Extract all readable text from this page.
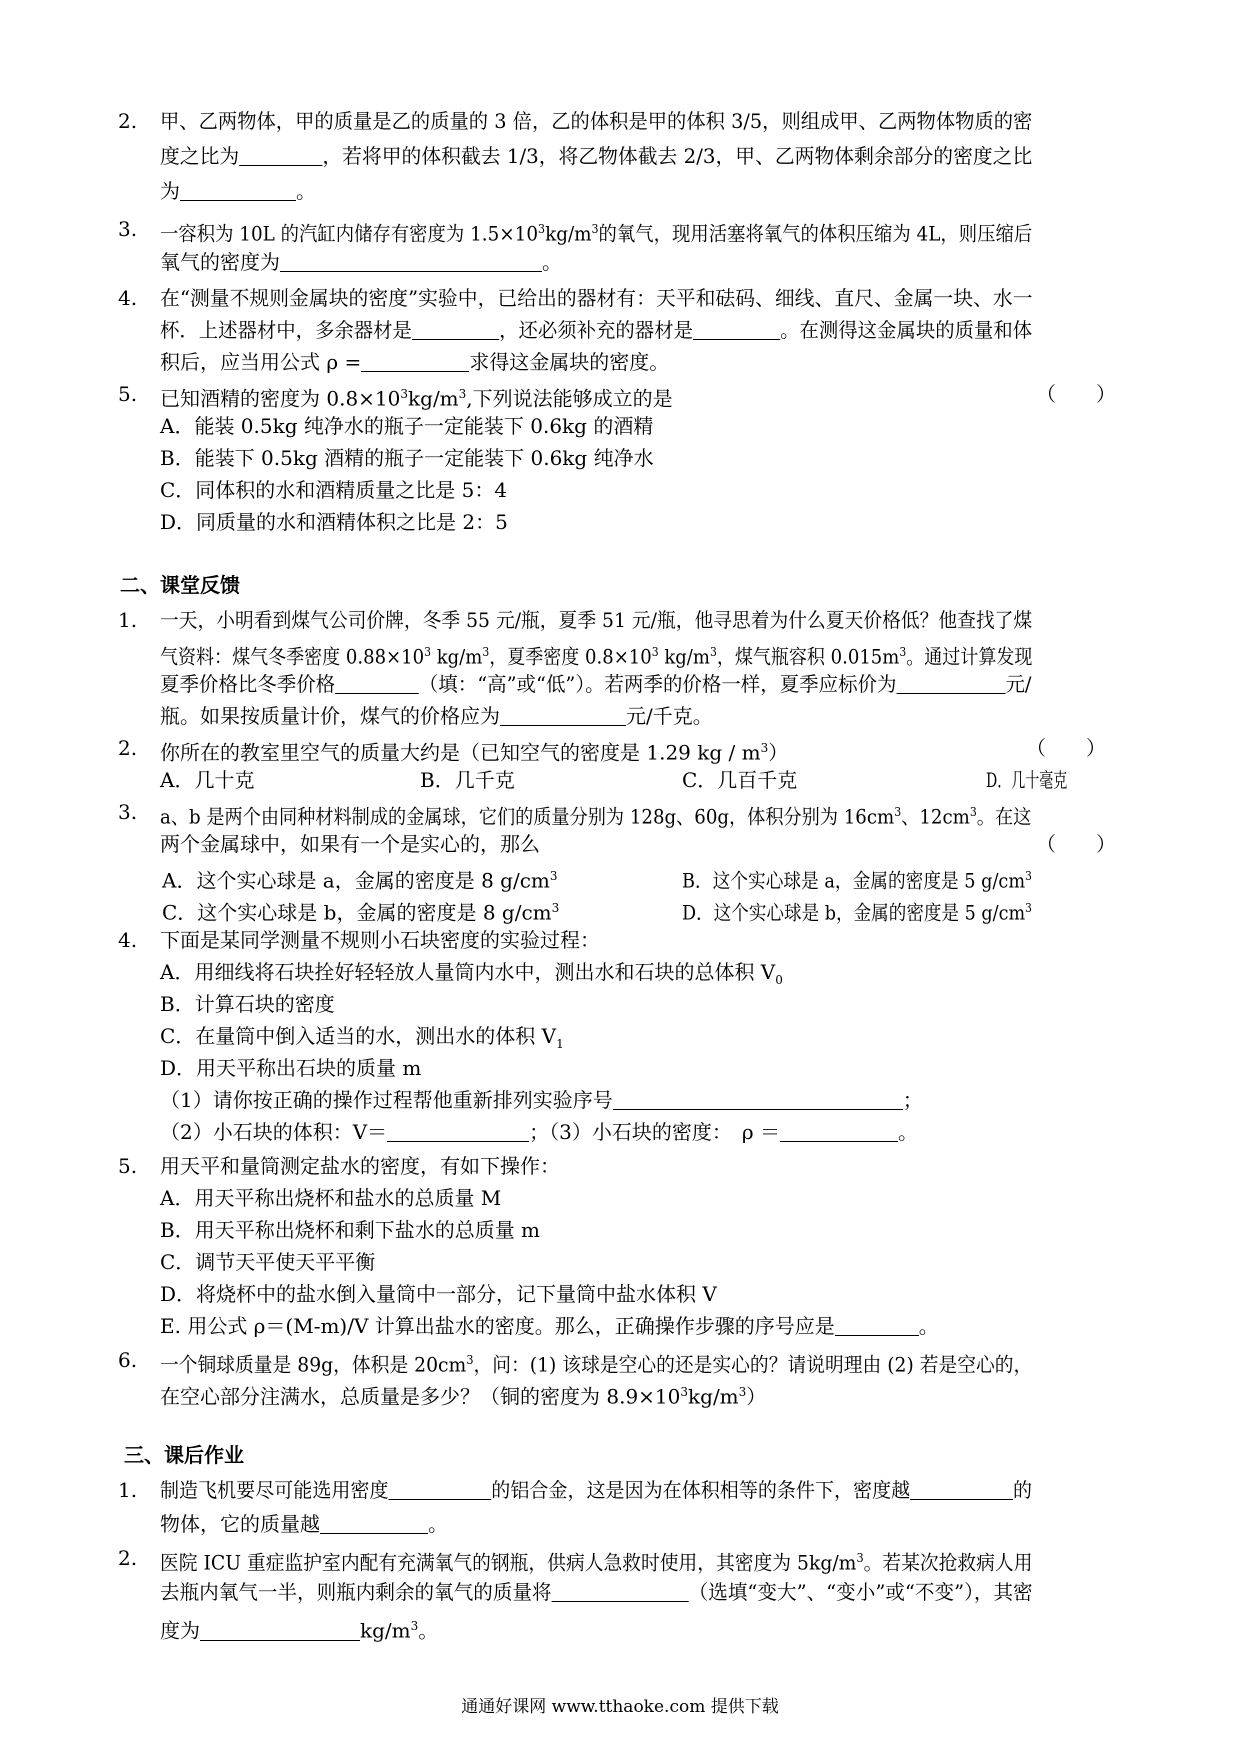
2. 甲、乙两物体，甲的质量是乙的质量的 3 倍，乙的体积是甲的体积 3/5，则组成甲、乙两物体物质的密
度之比为	，若将甲的体积截去 1/3，将乙物体截去 2/3，甲、乙两物体剩余部分的密度之比
为	。
3. 一容积为 10L 的汽缸内储存有密度为 $1.5\times 10^3kg/m^3$的氧气，现用活塞将氧气的体积压缩为 4L，则压缩后
氧气的密度为	。
4. 在“测量不规则金属块的密度”实验中，已给出的器材有：天平和砝码、细线、直尺、金属一块、水一
杯．上述器材中，多余器材是	，还必须补充的器材是	。在测得这金属块的质量和体
积后，应当用公式 ρ =	求得这金属块的密度。
5. 已知酒精的密度为 $0.8\times 10^3kg/m^3$,下列说法能够成立的是	（　　）
A．能装 0.5kg 纯净水的瓶子一定能装下 0.6kg 的酒精
B．能装下 0.5kg 酒精的瓶子一定能装下 0.6kg 纯净水
C．同体积的水和酒精质量之比是 5：4
D．同质量的水和酒精体积之比是 2：5
二、课堂反馈
1. 一天，小明看到煤气公司价牌，冬季 55 元/瓶，夏季 51 元/瓶，他寻思着为什么夏天价格低？他查找了煤
气资料：煤气冬季密度 $0.88\times 10^3$ $kg/m^3$，夏季密度 $0.8\times 10^3$ $kg/m^3$，煤气瓶容积 $0.015m^3$。通过计算发现
夏季价格比冬季价格	（填：“高”或“低”）。若两季的价格一样，夏季应标价为	元/
瓶。如果按质量计价，煤气的价格应为	元/千克。
2. 你所在的教室里空气的质量大约是（已知空气的密度是 1.29 kg / $m^3$）	（　　）
A．几十克	B．几千克	C．几百千克	D．几十毫克
3. a、b 是两个由同种材料制成的金属球，它们的质量分别为 128g、60g，体积分别为 $16cm^3$、$12cm^3$。在这
两个金属球中，如果有一个是实心的，那么	（　　）
A．这个实心球是 a，金属的密度是 8 $g/cm^3$	B．这个实心球是 a，金属的密度是 5 $g/cm^3$
C．这个实心球是 b，金属的密度是 8 $g/cm^3$	D．这个实心球是 b，金属的密度是 5 $g/cm^3$
4. 下面是某同学测量不规则小石块密度的实验过程：
A．用细线将石块拴好轻轻放人量筒内水中，测出水和石块的总体积 $V_0$
B．计算石块的密度
C．在量筒中倒入适当的水，测出水的体积 $V_1$
D．用天平称出石块的质量 m
（1）请你按正确的操作过程帮他重新排列实验序号	；
（2）小石块的体积：V＝	；（3）小石块的密度：　ρ ＝	。
5. 用天平和量筒测定盐水的密度，有如下操作：
A．用天平称出烧杯和盐水的总质量 M
B．用天平称出烧杯和剩下盐水的总质量 m
C．调节天平使天平平衡
D．将烧杯中的盐水倒入量筒中一部分，记下量筒中盐水体积 V
E. 用公式 ρ＝(M-m)/V 计算出盐水的密度。那么，正确操作步骤的序号应是	。
6. 一个铜球质量是 89g，体积是 $20cm^3$，问：(1) 该球是空心的还是实心的？请说明理由 (2) 若是空心的，
在空心部分注满水，总质量是多少？（铜的密度为 $8.9\times 10^3kg/m^3$）
三、课后作业
1. 制造飞机要尽可能选用密度	的铝合金，这是因为在体积相等的条件下，密度越	的
物体，它的质量越	。
2. 医院 ICU 重症监护室内配有充满氧气的钢瓶，供病人急救时使用，其密度为 $5kg/m^3$。若某次抢救病人用
去瓶内氧气一半，则瓶内剩余的氧气的质量将	（选填“变大”、“变小”或“不变”），其密
度为	$kg/m^3$。
通通好课网 www.tthaoke.com 提供下载
